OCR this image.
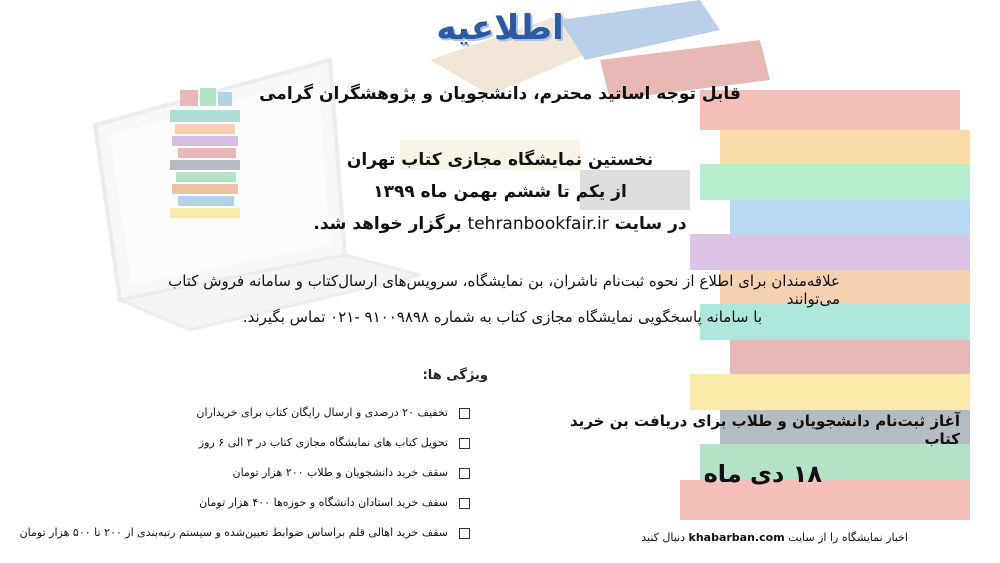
اطلاعیه
قابل توجه اساتید محترم، دانشجویان و پژوهشگران گرامی
نخستین نمایشگاه مجازی کتاب تهران
از یکم تا ششم بهمن ماه ۱۳۹۹
در سایت tehranbookfair.ir برگزار خواهد شد.
علاقه‌مندان برای اطلاع از نحوه ثبت‌نام ناشران، بن نمایشگاه، سرویس‌های ارسال‌کتاب و سامانه فروش کتاب می‌توانند
با سامانه پاسخگویی نمایشگاه مجازی کتاب به شماره ۹۱۰۰۹۸۹۸ -۰۲۱ تماس بگیرند.
ویژگی ها:
تخفیف ۲۰ درصدی و ارسال رایگان کتاب برای خریداران
تحویل کتاب های نمایشگاه مجازی کتاب در ۳ الی ۶ روز
سقف خرید دانشجویان و طلاب ۲۰۰ هزار تومان
سقف خرید استادان دانشگاه و حوزه‌ها ۴۰۰ هزار تومان
سقف خرید اهالی قلم براساس ضوابط تعیین‌شده و سیستم رتبه‌بندی از ۲۰۰ تا ۵۰۰ هزار تومان
آغاز ثبت‌نام دانشجویان و طلاب برای دریافت بن خرید کتاب
۱۸ دی ماه
اخبار نمایشگاه را از سایت khabarban.com دنبال کنید
